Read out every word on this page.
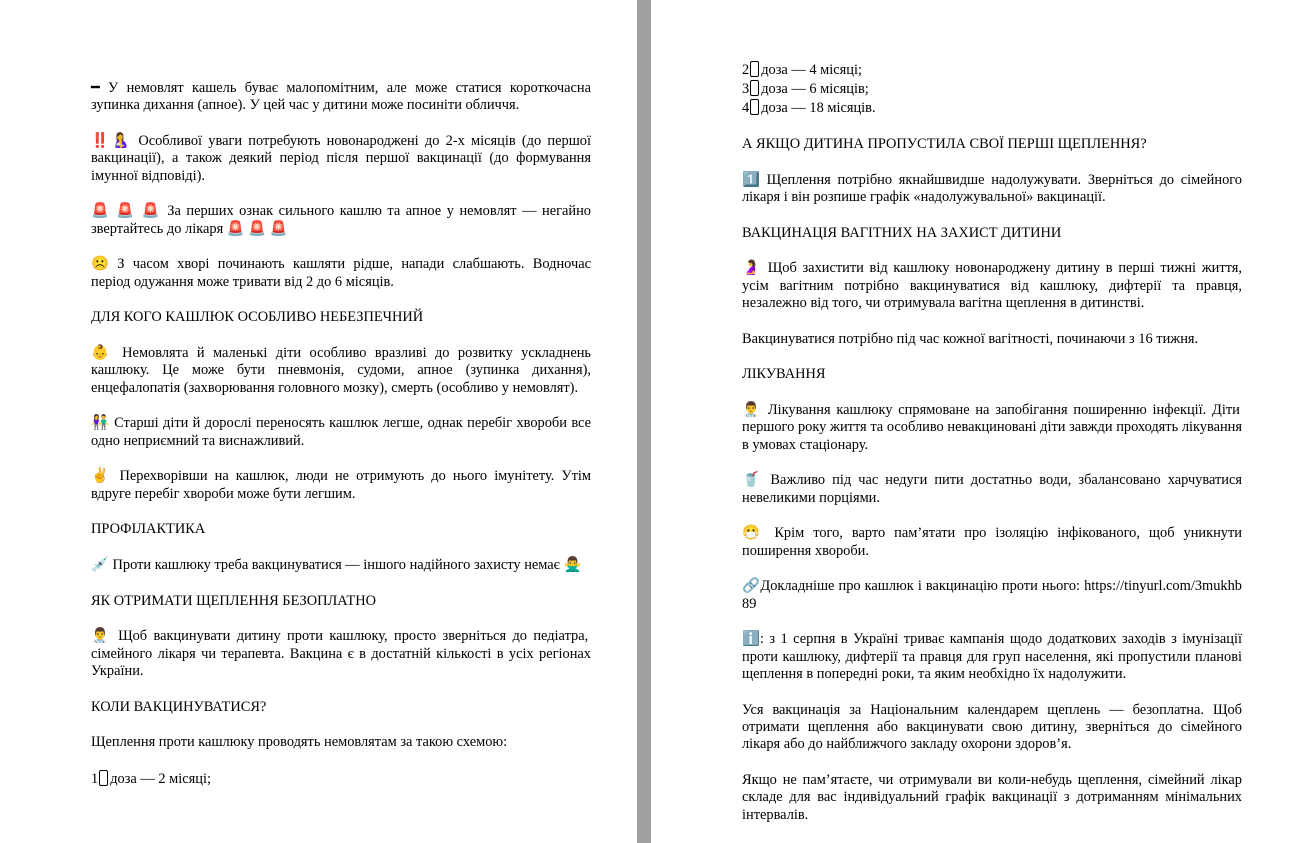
━ У немовлят кашель буває малопомітним, але може статися короткочасна зупинка дихання (апное). У цей час у дитини може посиніти обличчя.

‼️🤱 Особливої уваги потребують новонароджені до 2-х місяців (до першої вакцинації), а також деякий період після першої вакцинації (до формування імунної відповіді).

🚨 🚨 🚨 За перших ознак сильного кашлю та апное у немовлят — негайно звертайтесь до лікаря 🚨 🚨 🚨

☹️ З часом хворі починають кашляти рідше, напади слабшають. Водночас період одужання може тривати від 2 до 6 місяців.

ДЛЯ КОГО КАШЛЮК ОСОБЛИВО НЕБЕЗПЕЧНИЙ

👶 Немовлята й маленькі діти особливо вразливі до розвитку ускладнень кашлюку. Це може бути пневмонія, судоми, апное (зупинка дихання), енцефалопатія (захворювання головного мозку), смерть (особливо у немовлят).

👫 Старші діти й дорослі переносять кашлюк легше, однак перебіг хвороби все одно неприємний та виснажливий.

✌️ Перехворівши на кашлюк, люди не отримують до нього імунітету. Утім вдруге перебіг хвороби може бути легшим.

ПРОФІЛАКТИКА

💉 Проти кашлюку треба вакцинуватися — іншого надійного захисту немає 🙅‍♂️

ЯК ОТРИМАТИ ЩЕПЛЕННЯ БЕЗОПЛАТНО

👨‍⚕️ Щоб вакцинувати дитину проти кашлюку, просто зверніться до педіатра, сімейного лікаря чи терапевта. Вакцина є в достатній кількості в усіх регіонах України.

КОЛИ ВАКЦИНУВАТИСЯ?

Щеплення проти кашлюку проводять немовлятам за такою схемою:

1 доза — 2 місяці;
2 доза — 4 місяці;
3 доза — 6 місяців;
4 доза — 18 місяців.

А ЯКЩО ДИТИНА ПРОПУСТИЛА СВОЇ ПЕРШІ ЩЕПЛЕННЯ?

1️⃣ Щеплення потрібно якнайшвидше надолужувати. Зверніться до сімейного лікаря і він розпише графік «надолужувальної» вакцинації.

ВАКЦИНАЦІЯ ВАГІТНИХ НА ЗАХИСТ ДИТИНИ

🤰 Щоб захистити від кашлюку новонароджену дитину в перші тижні життя, усім вагітним потрібно вакцинуватися від кашлюку, дифтерії та правця, незалежно від того, чи отримувала вагітна щеплення в дитинстві.

Вакцинуватися потрібно під час кожної вагітності, починаючи з 16 тижня.

ЛІКУВАННЯ

👨‍⚕️ Лікування кашлюку спрямоване на запобігання поширенню інфекції. Діти першого року життя та особливо невакциновані діти завжди проходять лікування в умовах стаціонару.

🥤 Важливо під час недуги пити достатньо води, збалансовано харчуватися невеликими порціями.

😷 Крім того, варто пам’ятати про ізоляцію інфікованого, щоб уникнути поширення хвороби.

🔗Докладніше про кашлюк і вакцинацію проти нього: https://tinyurl.com/3mukhb89

ℹ️: з 1 серпня в Україні триває кампанія щодо додаткових заходів з імунізації проти кашлюку, дифтерії та правця для груп населення, які пропустили планові щеплення в попередні роки, та яким необхідно їх надолужити.

Уся вакцинація за Національним календарем щеплень — безоплатна. Щоб отримати щеплення або вакцинувати свою дитину, зверніться до сімейного лікаря або до найближчого закладу охорони здоров’я.

Якщо не пам’ятаєте, чи отримували ви коли-небудь щеплення, сімейний лікар складе для вас індивідуальний графік вакцинації з дотриманням мінімальних інтервалів.
